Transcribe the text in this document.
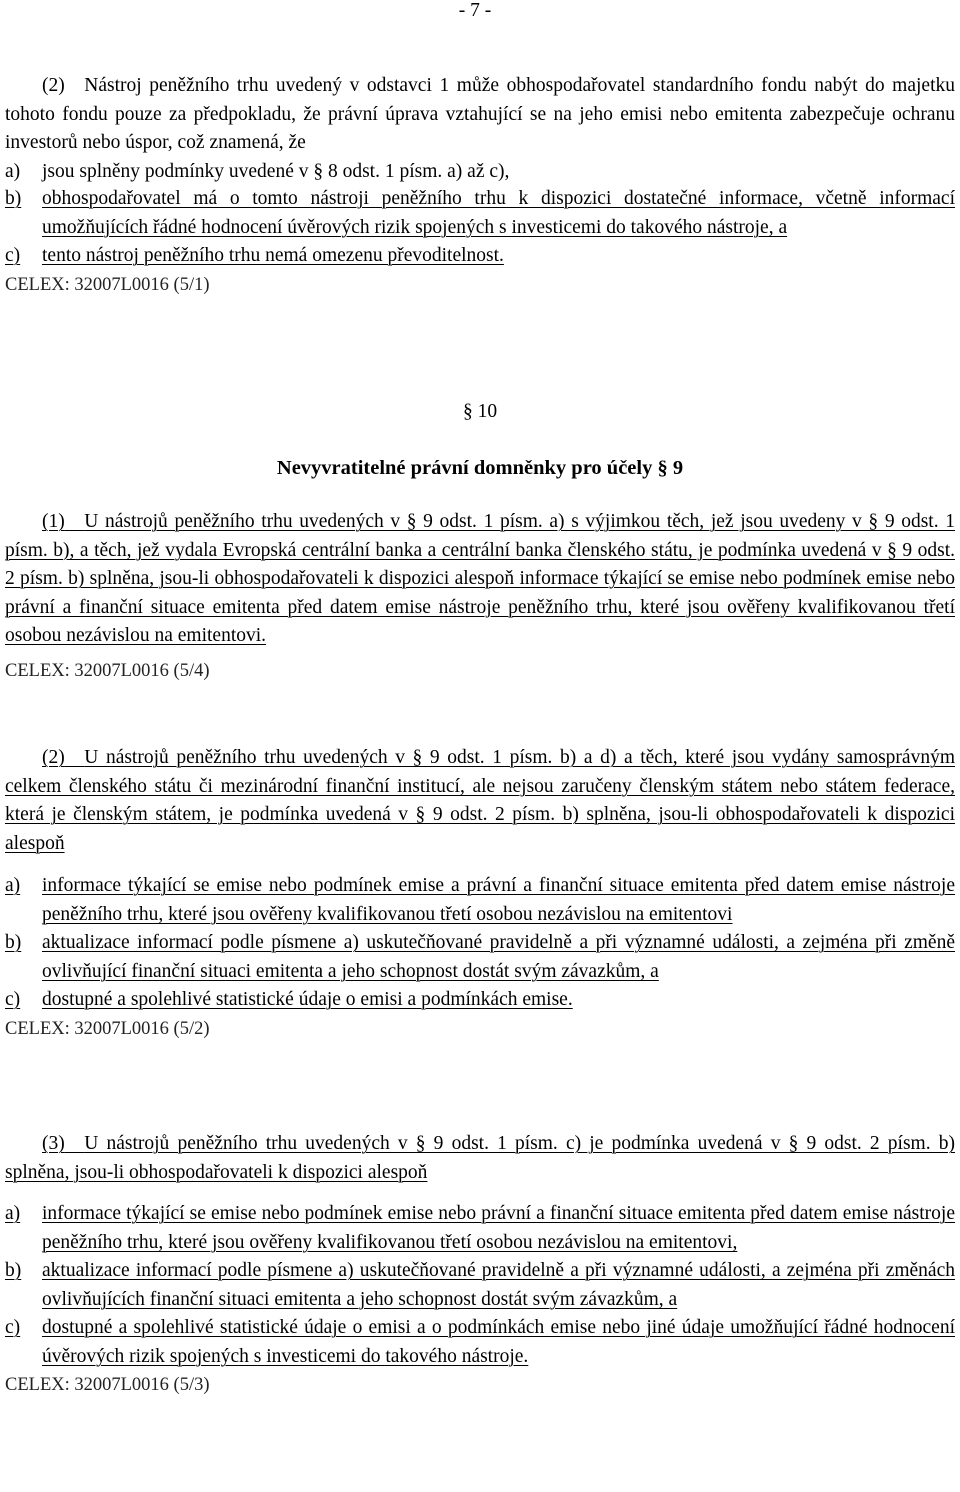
- 7 -
(2) Nástroj peněžního trhu uvedený v odstavci 1 může obhospodařovatel standardního fondu nabýt do majetku tohoto fondu pouze za předpokladu, že právní úprava vztahující se na jeho emisi nebo emitenta zabezpečuje ochranu investorů nebo úspor, což znamená, že
a)	jsou splněny podmínky uvedené v § 8 odst. 1 písm. a) až c),
b)	obhospodařovatel má o tomto nástroji peněžního trhu k dispozici dostatečné informace, včetně informací umožňujících řádné hodnocení úvěrových rizik spojených s investicemi do takového nástroje, a
c)	tento nástroj peněžního trhu nemá omezenu převoditelnost.
CELEX: 32007L0016 (5/1)
§ 10
Nevyvratitelné právní domněnky pro účely § 9
(1)  U nástrojů peněžního trhu uvedených v § 9 odst. 1 písm. a) s výjimkou těch, jež jsou uvedeny v § 9 odst. 1 písm. b), a těch, jež vydala Evropská centrální banka a centrální banka členského státu, je podmínka uvedená v § 9 odst. 2 písm. b) splněna, jsou-li obhospodařovateli k dispozici alespoň informace týkající se emise nebo podmínek emise nebo právní a finanční situace emitenta před datem emise nástroje peněžního trhu, které jsou ověřeny kvalifikovanou třetí osobou nezávislou na emitentovi.
CELEX: 32007L0016 (5/4)
(2)  U nástrojů peněžního trhu uvedených v § 9 odst. 1 písm. b) a d) a těch, které jsou vydány samosprávným celkem členského státu či mezinárodní finanční institucí, ale nejsou zaručeny členským státem nebo státem federace, která je členským státem, je podmínka uvedená v § 9 odst. 2 písm. b) splněna, jsou-li obhospodařovateli k dispozici alespoň
a)	informace týkající se emise nebo podmínek emise a právní a finanční situace emitenta před datem emise nástroje peněžního trhu, které jsou ověřeny kvalifikovanou třetí osobou nezávislou na emitentovi
b)	aktualizace informací podle písmene a) uskutečňované pravidelně a při významné události, a zejména při změně ovlivňující finanční situaci emitenta a jeho schopnost dostát svým závazkům, a
c)	dostupné a spolehlivé statistické údaje o emisi a podmínkách emise.
CELEX: 32007L0016 (5/2)
(3)  U nástrojů peněžního trhu uvedených v § 9 odst. 1 písm. c) je podmínka uvedená v § 9 odst. 2 písm. b) splněna, jsou-li obhospodařovateli k dispozici alespoň
a)	informace týkající se emise nebo podmínek emise nebo právní a finanční situace emitenta před datem emise nástroje peněžního trhu, které jsou ověřeny kvalifikovanou třetí osobou nezávislou na emitentovi,
b)	aktualizace informací podle písmene a) uskutečňované pravidelně a při významné události, a zejména při změnách ovlivňujících finanční situaci emitenta a jeho schopnost dostát svým závazkům, a
c)	dostupné a spolehlivé statistické údaje o emisi a o podmínkách emise nebo jiné údaje umožňující řádné hodnocení úvěrových rizik spojených s investicemi do takového nástroje.
CELEX: 32007L0016 (5/3)
